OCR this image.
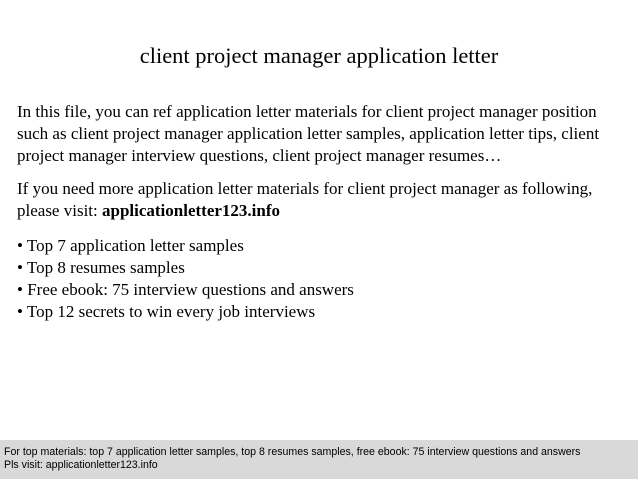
client project manager application letter

In this file, you can ref application letter materials for client project manager position such as client project manager application letter samples, application letter tips, client project manager interview questions, client project manager resumes…

If you need more application letter materials for client project manager as following, please visit: applicationletter123.info

• Top 7 application letter samples
• Top 8 resumes samples
• Free ebook: 75 interview questions and answers
• Top 12 secrets to win every job interviews
For top materials: top 7 application letter samples, top 8 resumes samples, free ebook: 75 interview questions and answers
Pls visit: applicationletter123.info
